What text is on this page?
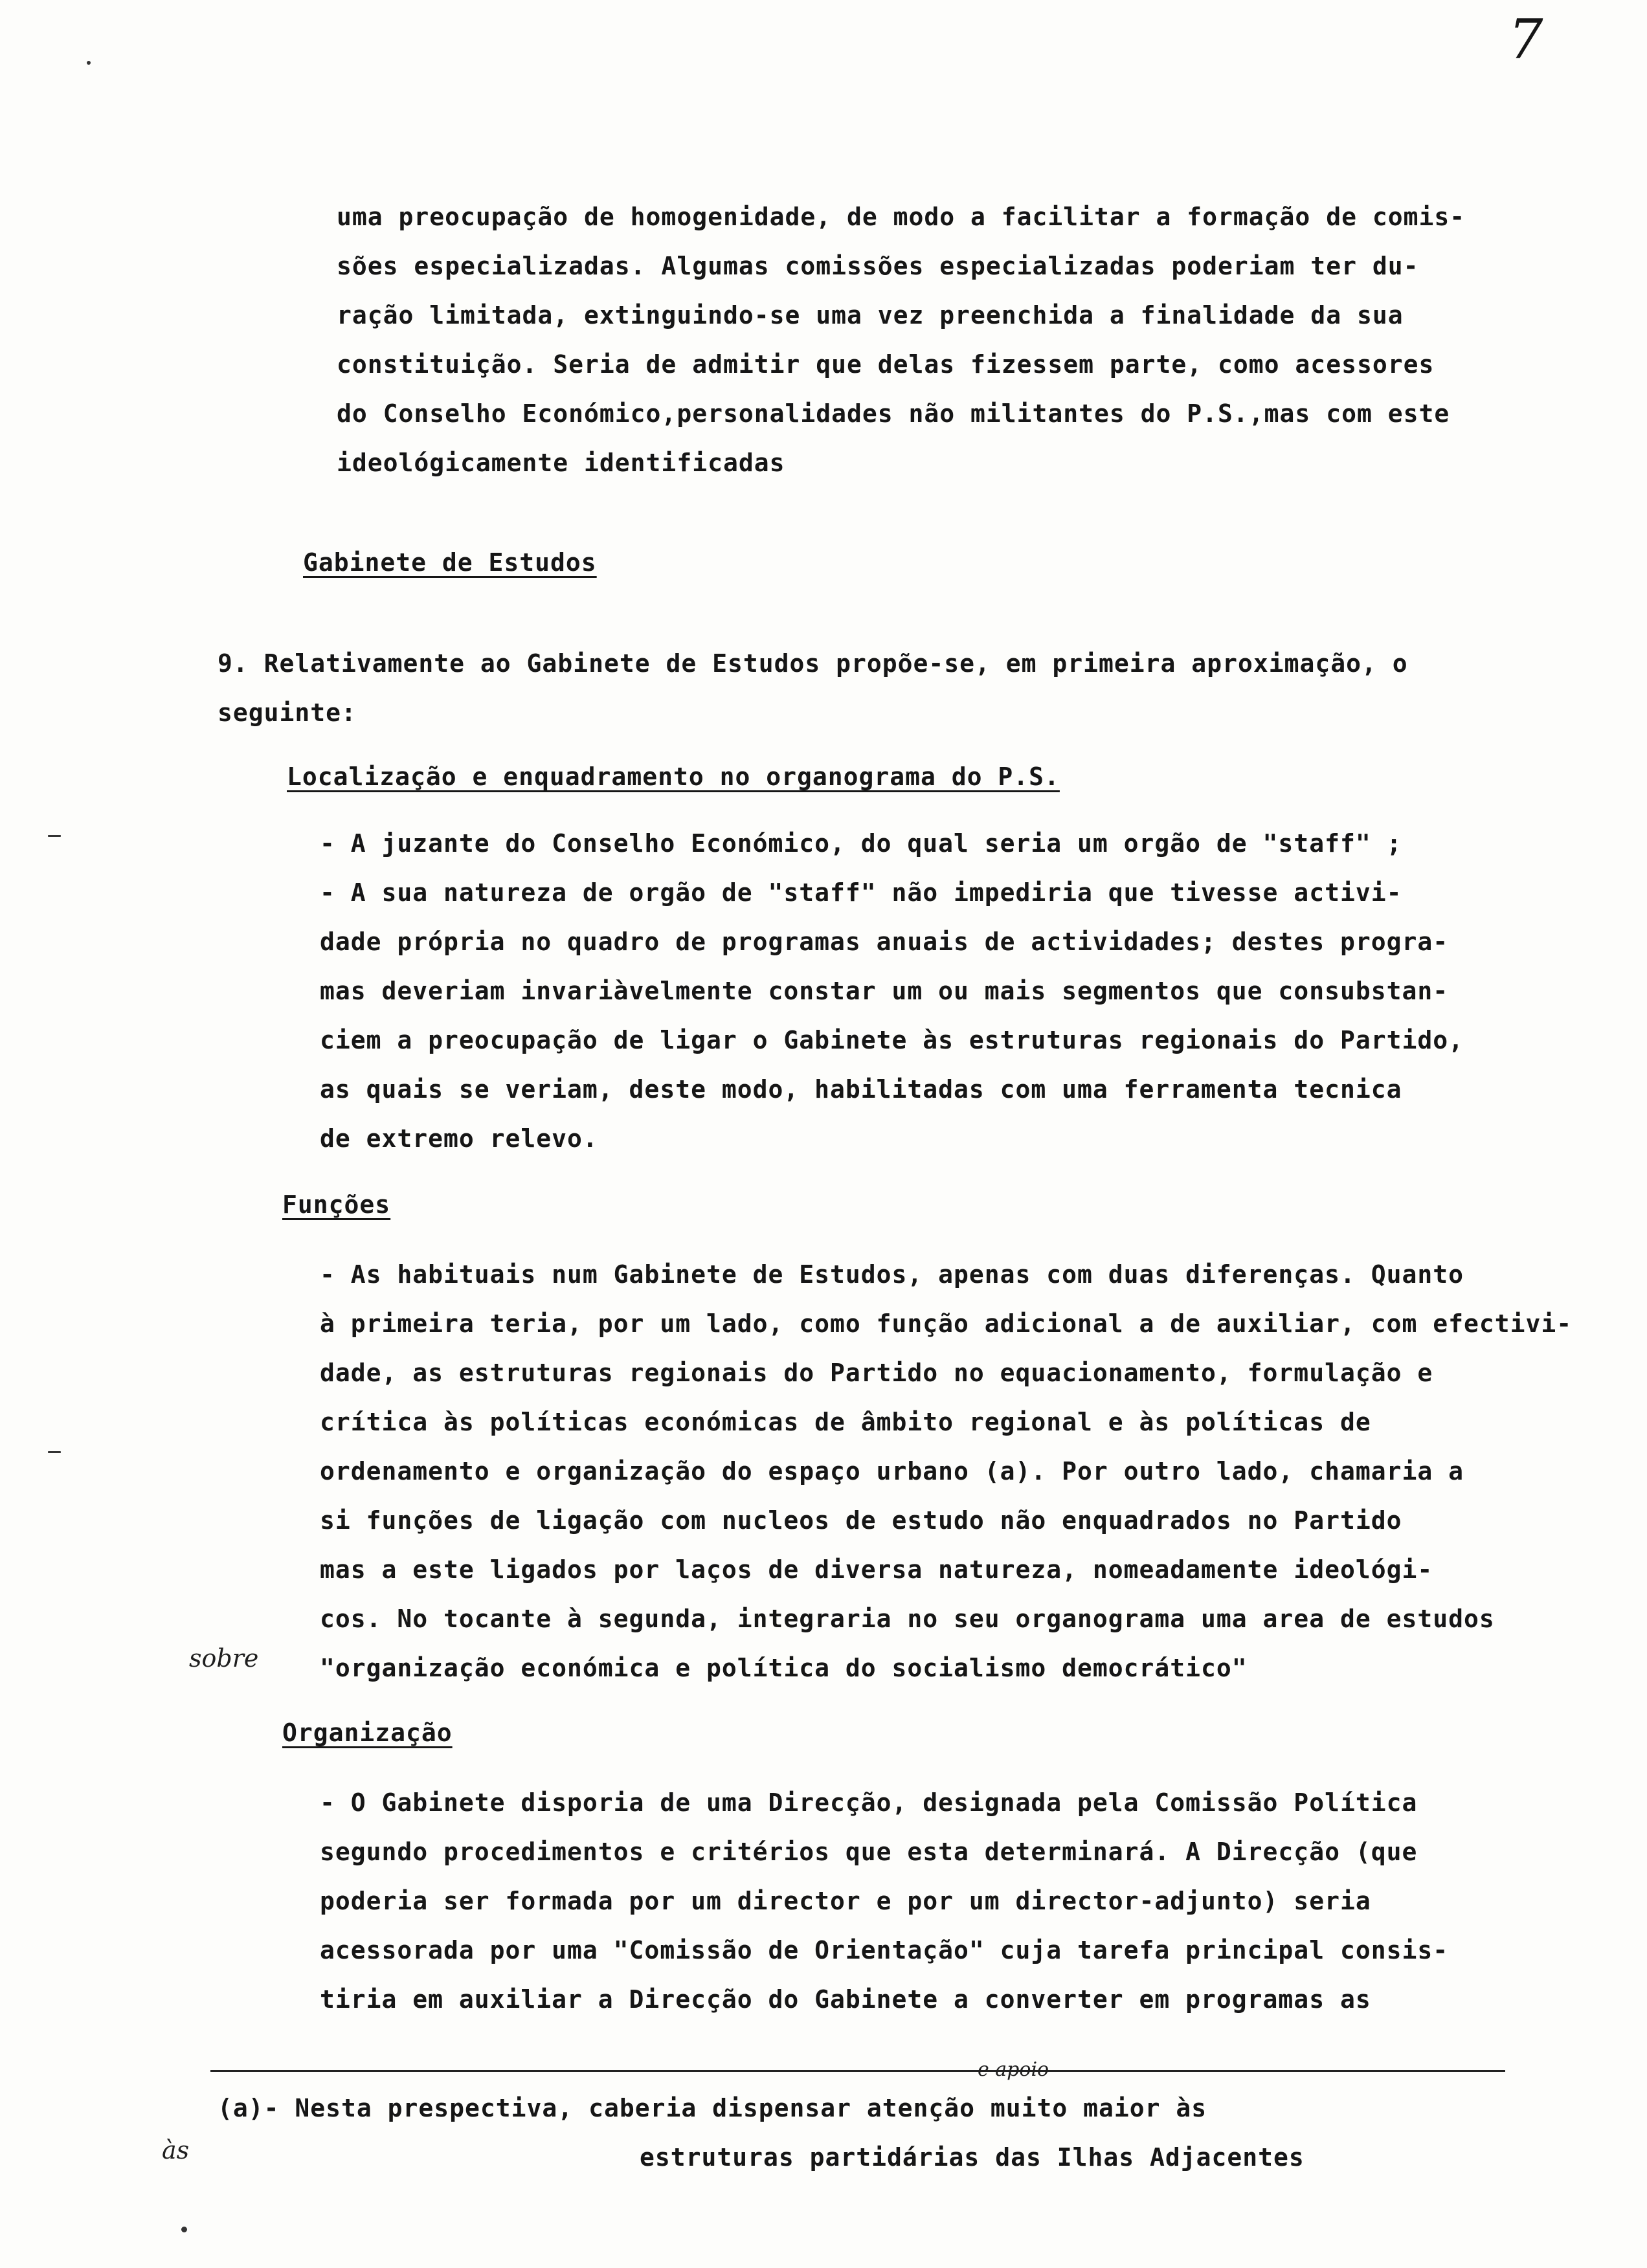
7
uma preocupação de homogenidade, de modo a facilitar a formação de comis-
sões especializadas. Algumas comissões especializadas poderiam ter du-
ração limitada, extinguindo-se uma vez preenchida a finalidade da sua
constituição. Seria de admitir que delas fizessem parte, como acessores
do Conselho Económico,personalidades não militantes do P.S.,mas com este
ideológicamente identificadas
Gabinete de Estudos
9. Relativamente ao Gabinete de Estudos propõe-se, em primeira aproximação, o
seguinte:
Localização e enquadramento no organograma do P.S.
- A juzante do Conselho Económico, do qual seria um orgão de "staff" ;
- A sua natureza de orgão de "staff" não impediria que tivesse activi-
dade própria no quadro de programas anuais de actividades; destes progra-
mas deveriam invariàvelmente constar um ou mais segmentos que consubstan-
ciem a preocupação de ligar o Gabinete às estruturas regionais do Partido,
as quais se veriam, deste modo, habilitadas com uma ferramenta tecnica
de extremo relevo.
Funções
- As habituais num Gabinete de Estudos, apenas com duas diferenças. Quanto
à primeira teria, por um lado, como função adicional a de auxiliar, com efectivi-
dade, as estruturas regionais do Partido no equacionamento, formulação e
crítica às políticas económicas de âmbito regional e às políticas de
ordenamento e organização do espaço urbano (a). Por outro lado, chamaria a
si funções de ligação com nucleos de estudo não enquadrados no Partido
mas a este ligados por laços de diversa natureza, nomeadamente ideológi-
cos. No tocante à segunda, integraria no seu organograma uma area de estudos
"organização económica e política do socialismo democrático"
sobre
Organização
- O Gabinete disporia de uma Direcção, designada pela Comissão Política
segundo procedimentos e critérios que esta determinará. A Direcção (que
poderia ser formada por um director e por um director-adjunto) seria
acessorada por uma "Comissão de Orientação" cuja tarefa principal consis-
tiria em auxiliar a Direcção do Gabinete a converter em programas as
e apoio
(a)- Nesta prespectiva, caberia dispensar atenção muito maior às
às	estruturas partidárias das Ilhas Adjacentes
